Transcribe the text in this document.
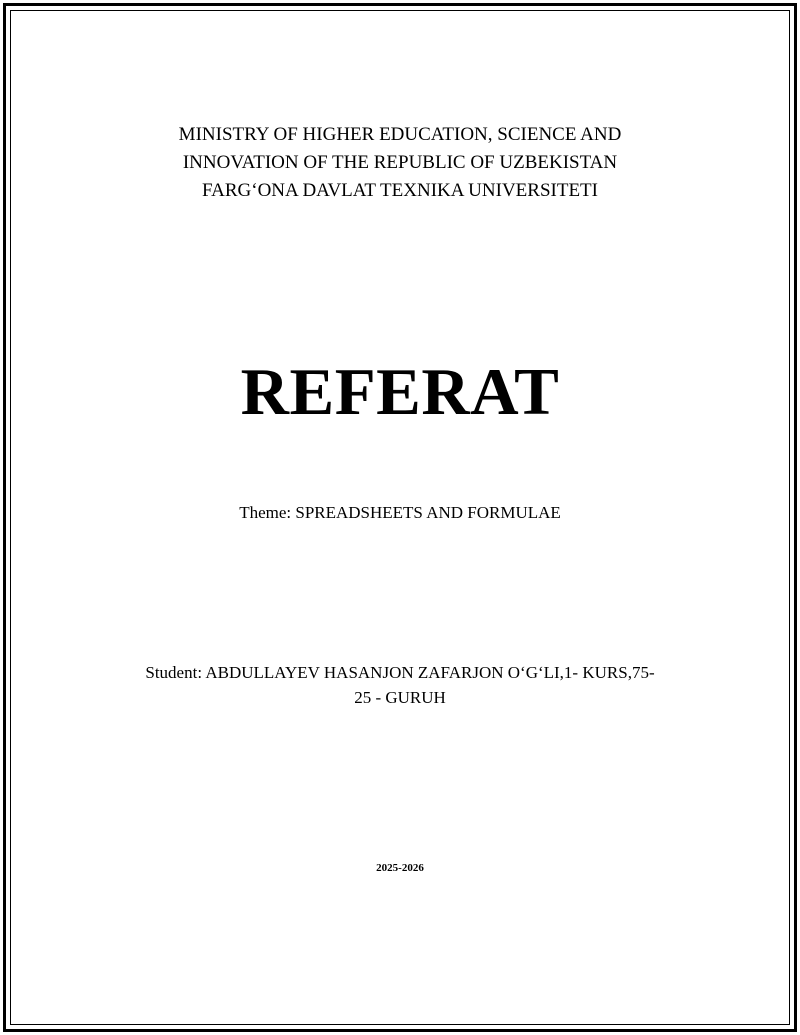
MINISTRY OF HIGHER EDUCATION, SCIENCE AND
INNOVATION OF THE REPUBLIC OF UZBEKISTAN
FARG‘ONA DAVLAT TEXNIKA UNIVERSITETI
REFERAT
Theme: SPREADSHEETS AND FORMULAE
Student: ABDULLAYEV HASANJON ZAFARJON O‘G‘LI,1- KURS,75-
25 - GURUH
2025-2026
